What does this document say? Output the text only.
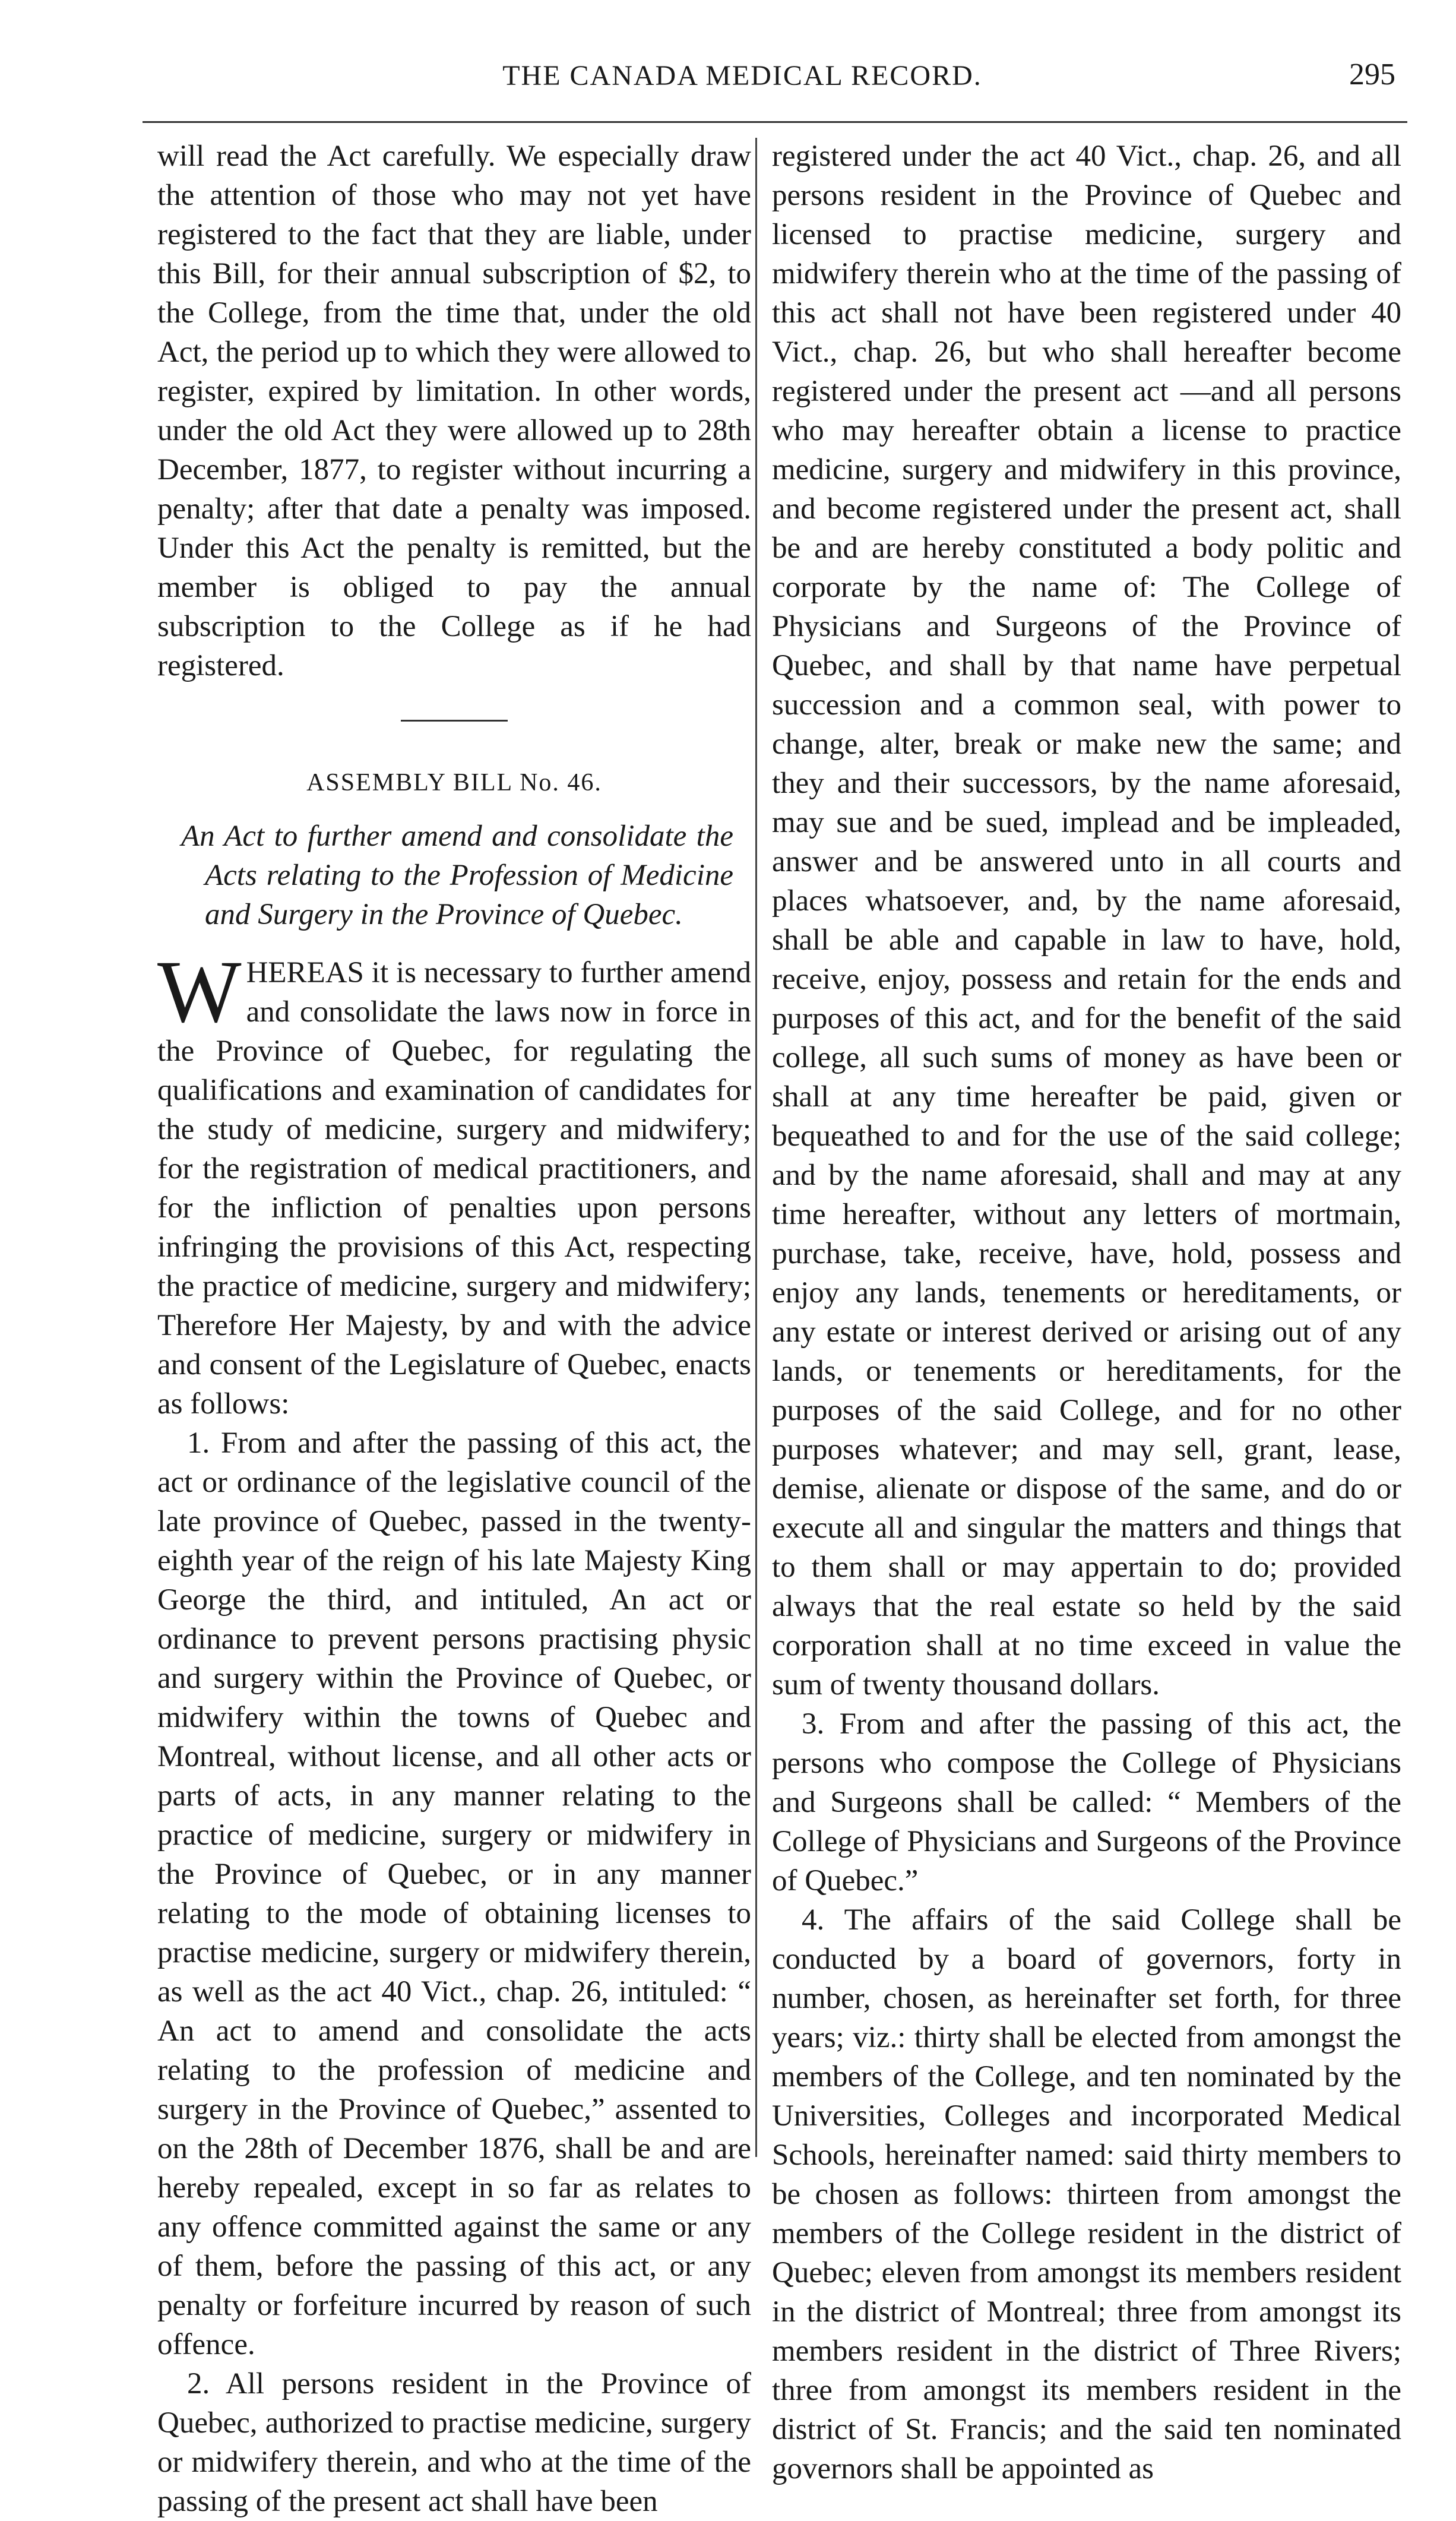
THE CANADA MEDICAL RECORD.	295

will read the Act carefully. We especially draw the attention of those who may not yet have registered to the fact that they are liable, under this Bill, for their annual subscription of $2, to the College, from the time that, under the old Act, the period up to which they were allowed to register, expired by limitation. In other words, under the old Act they were allowed up to 28th December, 1877, to register without incurring a penalty; after that date a penalty was imposed. Under this Act the penalty is remitted, but the member is obliged to pay the annual subscription to the College as if he had registered.

ASSEMBLY BILL No. 46.

An Act to further amend and consolidate the Acts relating to the Profession of Medicine and Surgery in the Province of Quebec.

WHEREAS it is necessary to further amend and consolidate the laws now in force in the Province of Quebec, for regulating the qualifications and examination of candidates for the study of medicine, surgery and midwifery; for the registration of medical practitioners, and for the infliction of penalties upon persons infringing the provisions of this Act, respecting the practice of medicine, surgery and midwifery; Therefore Her Majesty, by and with the advice and consent of the Legislature of Quebec, enacts as follows:

1. From and after the passing of this act, the act or ordinance of the legislative council of the late province of Quebec, passed in the twenty-eighth year of the reign of his late Majesty King George the third, and intituled, An act or ordinance to prevent persons practising physic and surgery within the Province of Quebec, or midwifery within the towns of Quebec and Montreal, without license, and all other acts or parts of acts, in any manner relating to the practice of medicine, surgery or midwifery in the Province of Quebec, or in any manner relating to the mode of obtaining licenses to practise medicine, surgery or midwifery therein, as well as the act 40 Vict., chap. 26, intituled: “ An act to amend and consolidate the acts relating to the profession of medicine and surgery in the Province of Quebec,” assented to on the 28th of December 1876, shall be and are hereby repealed, except in so far as relates to any offence committed against the same or any of them, before the passing of this act, or any penalty or forfeiture incurred by reason of such offence.

2. All persons resident in the Province of Quebec, authorized to practise medicine, surgery or midwifery therein, and who at the time of the passing of the present act shall have been

registered under the act 40 Vict., chap. 26, and all persons resident in the Province of Quebec and licensed to practise medicine, surgery and midwifery therein who at the time of the passing of this act shall not have been registered under 40 Vict., chap. 26, but who shall hereafter become registered under the present act —and all persons who may hereafter obtain a license to practice medicine, surgery and midwifery in this province, and become registered under the present act, shall be and are hereby constituted a body politic and corporate by the name of: The College of Physicians and Surgeons of the Province of Quebec, and shall by that name have perpetual succession and a common seal, with power to change, alter, break or make new the same; and they and their successors, by the name aforesaid, may sue and be sued, implead and be impleaded, answer and be answered unto in all courts and places whatsoever, and, by the name aforesaid, shall be able and capable in law to have, hold, receive, enjoy, possess and retain for the ends and purposes of this act, and for the benefit of the said college, all such sums of money as have been or shall at any time hereafter be paid, given or bequeathed to and for the use of the said college; and by the name aforesaid, shall and may at any time hereafter, without any letters of mortmain, purchase, take, receive, have, hold, possess and enjoy any lands, tenements or hereditaments, or any estate or interest derived or arising out of any lands, or tenements or hereditaments, for the purposes of the said College, and for no other purposes whatever; and may sell, grant, lease, demise, alienate or dispose of the same, and do or execute all and singular the matters and things that to them shall or may appertain to do; provided always that the real estate so held by the said corporation shall at no time exceed in value the sum of twenty thousand dollars.

3. From and after the passing of this act, the persons who compose the College of Physicians and Surgeons shall be called: “ Members of the College of Physicians and Surgeons of the Province of Quebec.”

4. The affairs of the said College shall be conducted by a board of governors, forty in number, chosen, as hereinafter set forth, for three years; viz.: thirty shall be elected from amongst the members of the College, and ten nominated by the Universities, Colleges and incorporated Medical Schools, hereinafter named: said thirty members to be chosen as follows: thirteen from amongst the members of the College resident in the district of Quebec; eleven from amongst its members resident in the district of Montreal; three from amongst its members resident in the district of Three Rivers; three from amongst its members resident in the district of St. Francis; and the said ten nominated governors shall be appointed as
